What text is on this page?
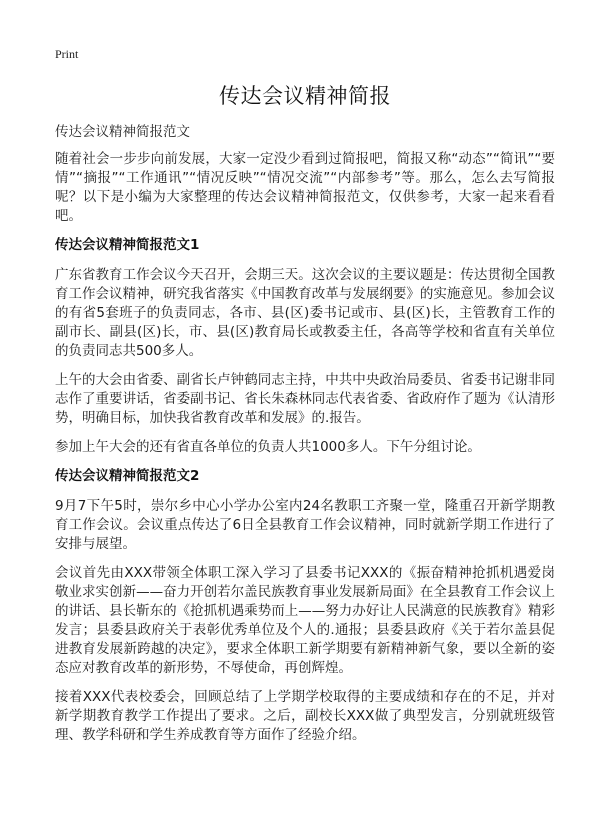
Print
传达会议精神简报
传达会议精神简报范文

随着社会一步步向前发展，大家一定没少看到过简报吧，简报又称“动态”“简讯”“要情”“摘报”“工作通讯”“情况反映”“情况交流”“内部参考”等。那么，怎么去写简报呢？以下是小编为大家整理的传达会议精神简报范文，仅供参考，大家一起来看看吧。

传达会议精神简报范文1

广东省教育工作会议今天召开，会期三天。这次会议的主要议题是：传达贯彻全国教育工作会议精神，研究我省落实《中国教育改革与发展纲要》的实施意见。参加会议的有省5套班子的负责同志，各市、县(区)委书记或市、县(区)长，主管教育工作的副市长、副县(区)长，市、县(区)教育局长或教委主任，各高等学校和省直有关单位的负责同志共500多人。

上午的大会由省委、副省长卢钟鹤同志主持，中共中央政治局委员、省委书记谢非同志作了重要讲话，省委副书记、省长朱森林同志代表省委、省政府作了题为《认清形势，明确目标，加快我省教育改革和发展》的.报告。

参加上午大会的还有省直各单位的负责人共1000多人。下午分组讨论。

传达会议精神简报范文2

9月7下午5时，崇尔乡中心小学办公室内24名教职工齐聚一堂，隆重召开新学期教育工作会议。会议重点传达了6日全县教育工作会议精神，同时就新学期工作进行了安排与展望。

会议首先由XXX带领全体职工深入学习了县委书记XXX的《振奋精神抢抓机遇爱岗敬业求实创新——奋力开创若尔盖民族教育事业发展新局面》在全县教育工作会议上的讲话、县长靳东的《抢抓机遇乘势而上——努力办好让人民满意的民族教育》精彩发言；县委县政府关于表彰优秀单位及个人的.通报；县委县政府《关于若尔盖县促进教育发展新跨越的决定》，要求全体职工新学期要有新精神新气象，要以全新的姿态应对教育改革的新形势，不辱使命，再创辉煌。

接着XXX代表校委会，回顾总结了上学期学校取得的主要成绩和存在的不足，并对新学期教育教学工作提出了要求。之后，副校长XXX做了典型发言，分别就班级管理、教学科研和学生养成教育等方面作了经验介绍。
